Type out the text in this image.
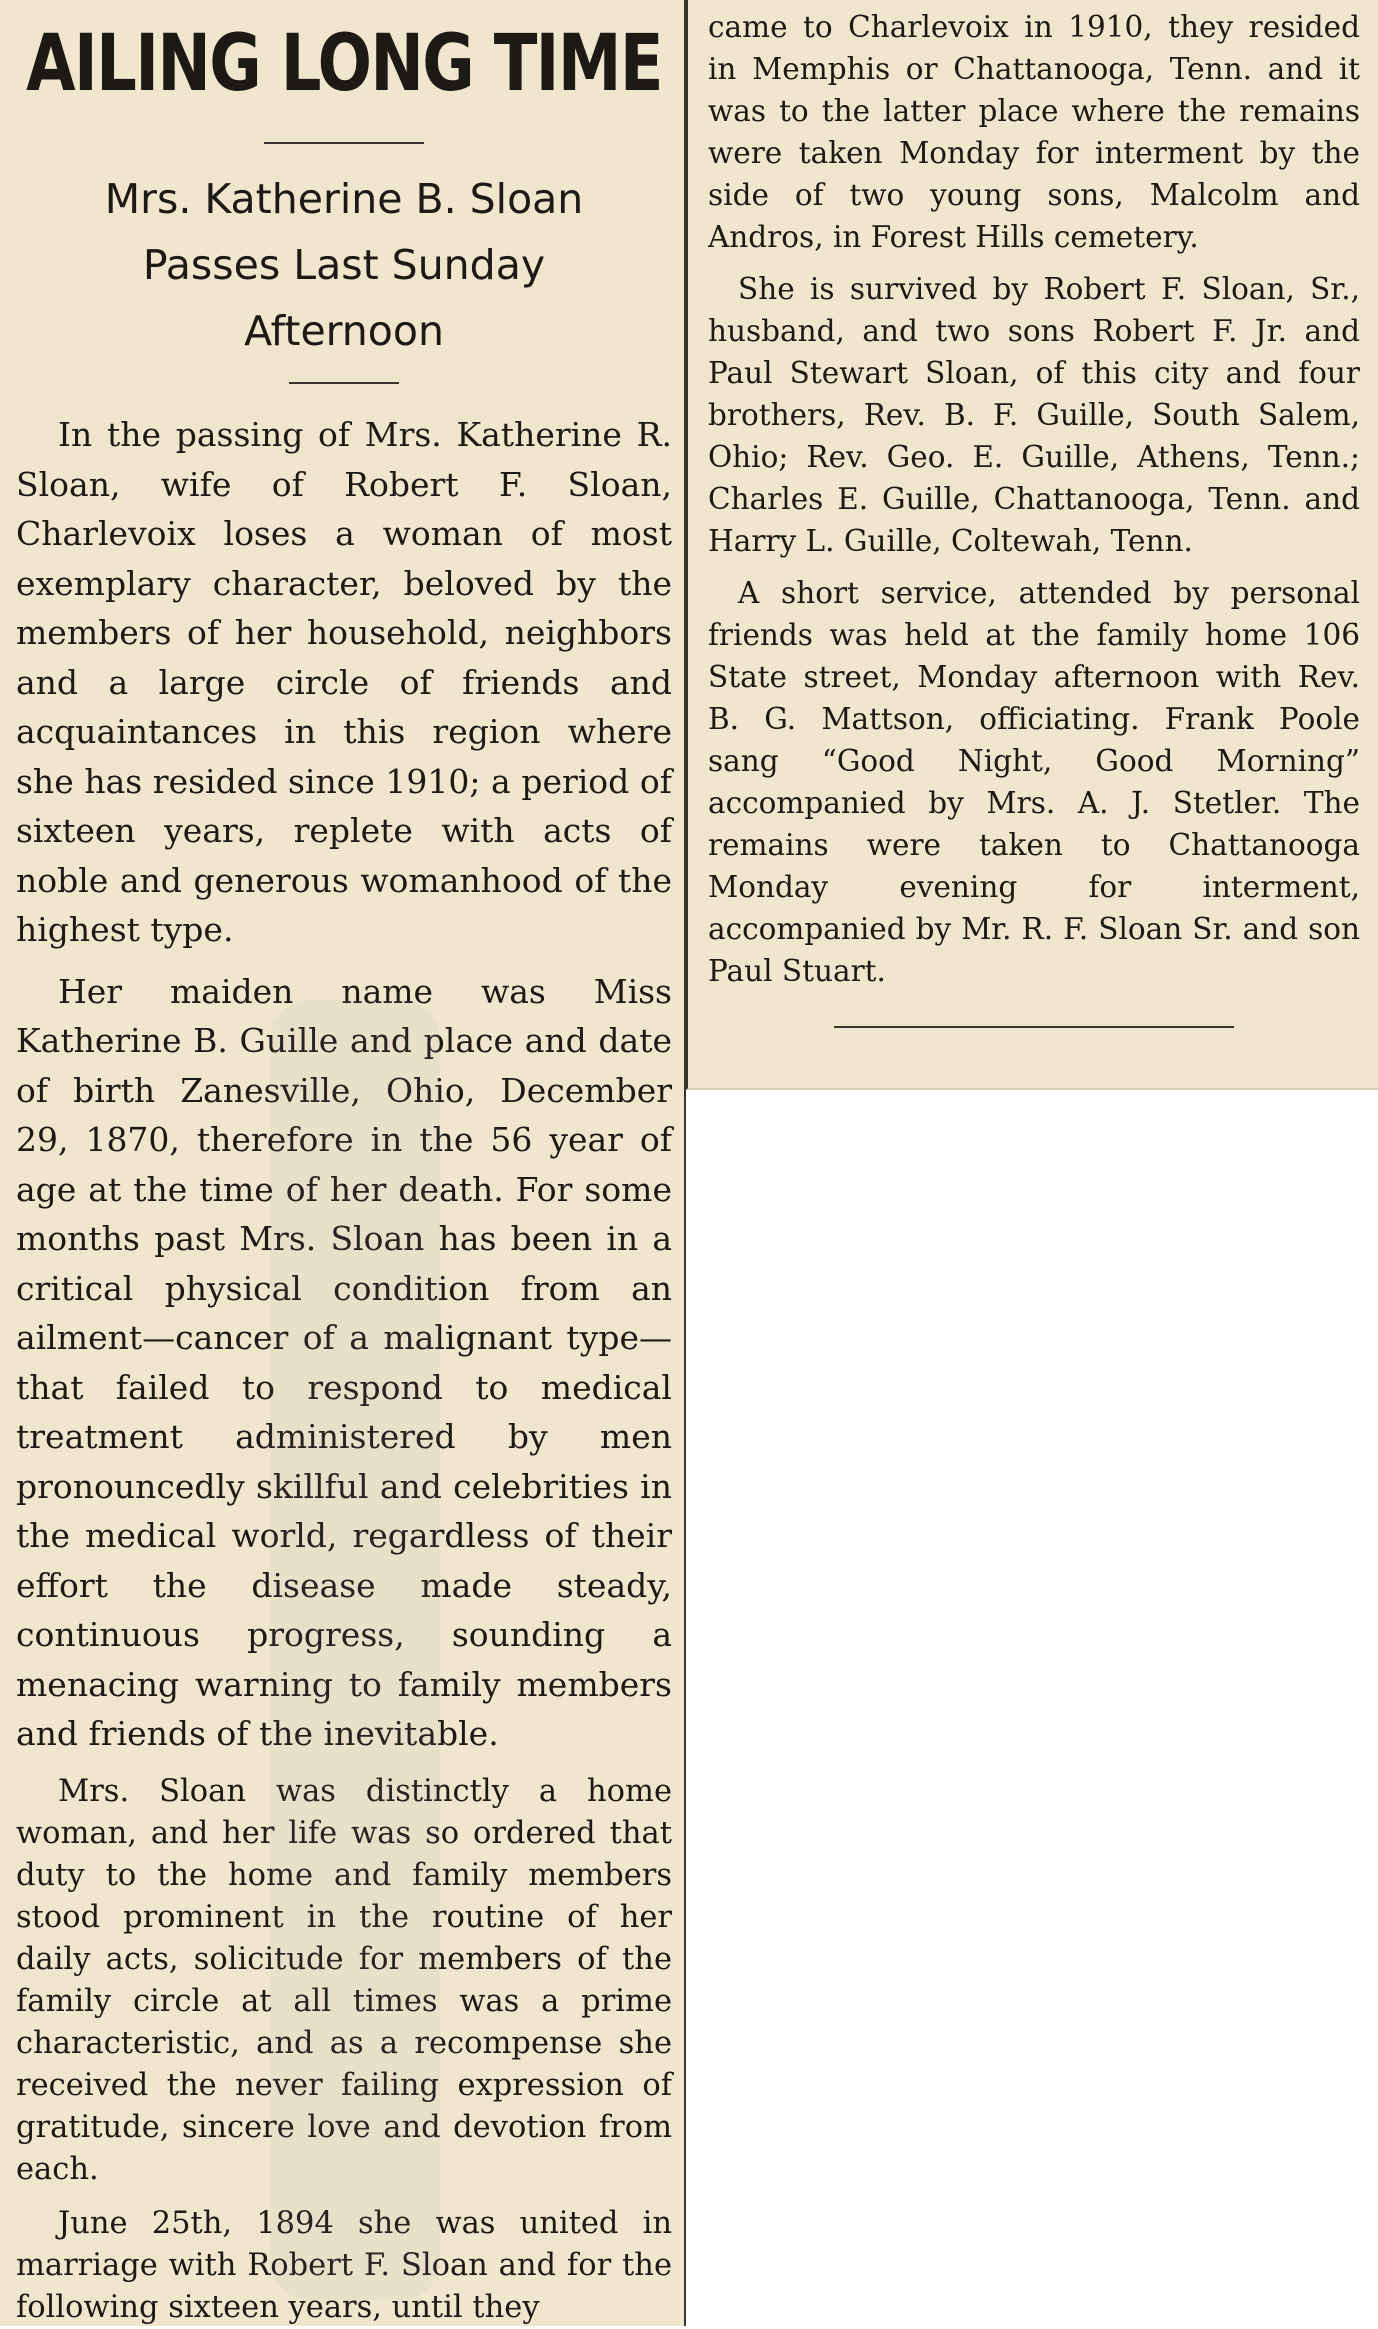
AILING LONG TIME

Mrs. Katherine B. Sloan

Passes Last Sunday

Afternoon

In the passing of Mrs. Katherine R. Sloan, wife of Robert F. Sloan, Charlevoix loses a woman of most exemplary character, beloved by the members of her household, neighbors and a large circle of friends and acquaintances in this region where she has resided since 1910; a period of sixteen years, replete with acts of noble and generous womanhood of the highest type.

Her maiden name was Miss Katherine B. Guille and place and date of birth Zanesville, Ohio, December 29, 1870, therefore in the 56 year of age at the time of her death. For some months past Mrs. Sloan has been in a critical physical condition from an ailment—cancer of a malignant type—that failed to respond to medical treatment administered by men pronouncedly skillful and celebrities in the medical world, regardless of their effort the disease made steady, continuous progress, sounding a menacing warning to family members and friends of the inevitable.

Mrs. Sloan was distinctly a home woman, and her life was so ordered that duty to the home and family members stood prominent in the routine of her daily acts, solicitude for members of the family circle at all times was a prime characteristic, and as a recompense she received the never failing expression of gratitude, sincere love and devotion from each.

June 25th, 1894 she was united in marriage with Robert F. Sloan and for the following sixteen years, until they

came to Charlevoix in 1910, they resided in Memphis or Chattanooga, Tenn. and it was to the latter place where the remains were taken Monday for interment by the side of two young sons, Malcolm and Andros, in Forest Hills cemetery.

She is survived by Robert F. Sloan, Sr., husband, and two sons Robert F. Jr. and Paul Stewart Sloan, of this city and four brothers, Rev. B. F. Guille, South Salem, Ohio; Rev. Geo. E. Guille, Athens, Tenn.; Charles E. Guille, Chattanooga, Tenn. and Harry L. Guille, Coltewah, Tenn.

A short service, attended by personal friends was held at the family home 106 State street, Monday afternoon with Rev. B. G. Mattson, officiating. Frank Poole sang “Good Night, Good Morning” accompanied by Mrs. A. J. Stetler. The remains were taken to Chattanooga Monday evening for interment, accompanied by Mr. R. F. Sloan Sr. and son Paul Stuart.
